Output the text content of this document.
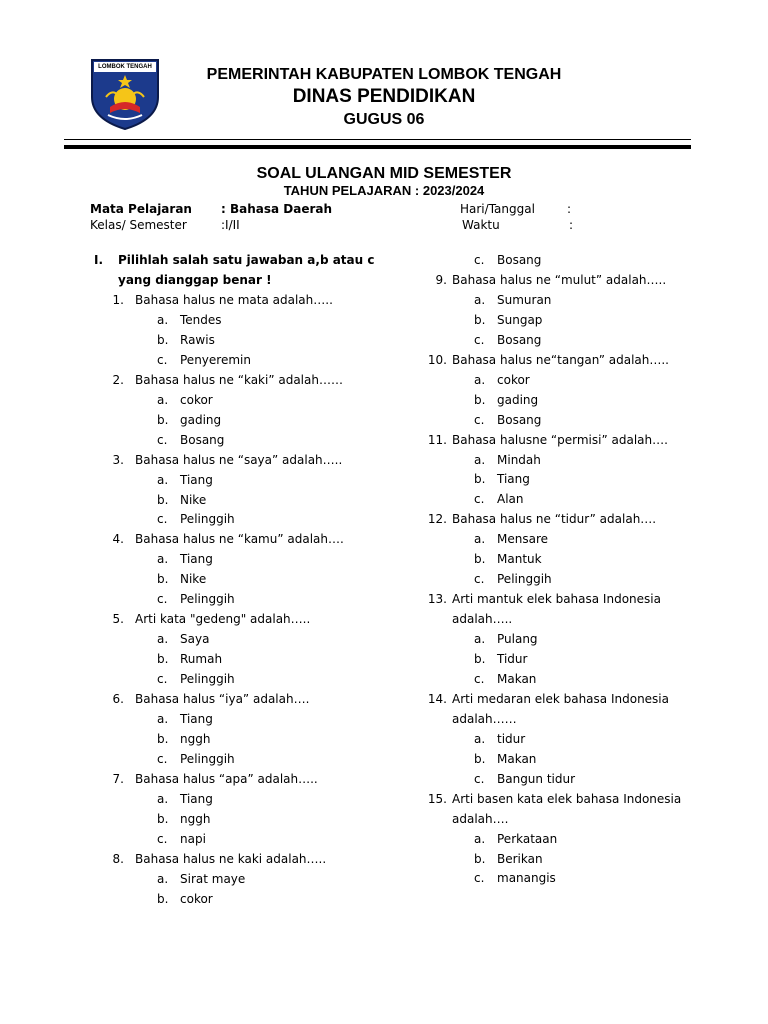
LOMBOK TENGAH	PEMERINTAH KABUPATEN LOMBOK TENGAH
DINAS PENDIDIKAN
GUGUS 06
SOAL ULANGAN MID SEMESTER
TAHUN PELAJARAN : 2023/2024
Mata Pelajaran : Bahasa Daerah
Kelas/ Semester	:I/II
Hari/Tanggal	:
Waktu	:
I. Pilihlah salah satu jawaban a,b atau c
yang dianggap benar !
1. Bahasa halus ne mata adalah…..
a. Tendes
b. Rawis
c. Penyeremin
2. Bahasa halus ne “kaki” adalah……
a. cokor
b. gading
c. Bosang
3. Bahasa halus ne “saya” adalah…..
a. Tiang
b. Nike
c. Pelinggih
4. Bahasa halus ne “kamu” adalah….
a. Tiang
b. Nike
c. Pelinggih
5. Arti kata "gedeng" adalah…..
a. Saya
b. Rumah
c. Pelinggih
6. Bahasa halus “iya” adalah….
a. Tiang
b. nggh
c. Pelinggih
7. Bahasa halus “apa” adalah…..
a. Tiang
b. nggh
c. napi
8. Bahasa halus ne kaki adalah…..
a. Sirat maye
b. cokor
c. Bosang
9. Bahasa halus ne “mulut” adalah…..
a. Sumuran
b. Sungap
c. Bosang
10. Bahasa halus ne“tangan” adalah…..
a. cokor
b. gading
c. Bosang
11. Bahasa halusne “permisi” adalah….
a. Mindah
b. Tiang
c. Alan
12. Bahasa halus ne “tidur” adalah….
a. Mensare
b. Mantuk
c. Pelinggih
13. Arti mantuk elek bahasa Indonesia
adalah…..
a. Pulang
b. Tidur
c. Makan
14. Arti medaran elek bahasa Indonesia
adalah……
a. tidur
b. Makan
c. Bangun tidur
15. Arti basen kata elek bahasa Indonesia
adalah….
a. Perkataan
b. Berikan
c. manangis
